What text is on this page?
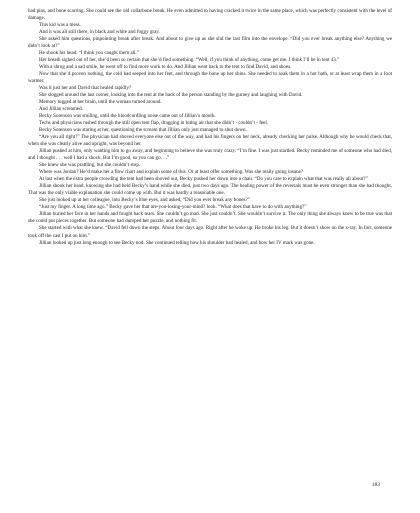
had pins, and bone scarring. She could see the old collarbone break. He even admitted to having cracked it twice in the same place, which was perfectly consistent with the level of damage.

This kid was a mess.

And it was all still there, in black and white and foggy gray.

She asked him questions, pinpointing break after break. And about to give up as she slid the last film into the envelope. “Did you ever break anything else? Anything we didn’t look at?”

He shook his head. “I think you caught them all.”

Her breath sighed out of her, she’d been so certain that she’d find something. “Well, if you think of anything, come get me. I think I’ll be in tent 43.”

With a shrug and a sad smile, he went off to find more work to do. And Jillian went back to the tent to find David, and shoes.

Now that she’d proven nothing, the cold had seeped into her feet, and through the bone up her shins. She needed to soak them in a hot bath, or at least wrap them in a foot warmer.

Was it just her and David that healed rapidly?

She slogged around the last corner, looking into the tent at the back of the person standing by the gurney and laughing with David.

Memory tugged at her brain, until the woman turned around.

And Jillian screamed.

Becky Sorenson was smiling, until the bloodcurdling noise came out of Jillian’s mouth.

Techs and physicians rushed through the still open tent flap, dragging in biting air that she didn’t - couldn’t - feel.

Becky Sorenson was staring at her, questioning the scream that Jillian only just managed to shut down.

“Are you all right?” The physician had shoved everyone else out of the way, and had his fingers on her neck, already checking her pulse. Although why he would check that, when she was clearly alive and upright, was beyond her.

Jillian pushed at him, only wanting him to go away, and beginning to believe she was truly crazy. “I’m fine. I was just startled. Becky reminded me of someone who had died, and I thought . . . well I had a shock. But I’m good, so you can go. . .”

She knew she was prattling, but she couldn’t stop.

Where was Jordan? He’d make her a flow chart and explain some of this. Or at least offer something. Was she really going insane?

At last when the extra people crowding the tent had been shoved out, Becky pushed her down into a chair. “Do you care to explain what that was really all about?”

Jillian shook her head, knowing she had held Becky’s hand while she died, just two days ago. The healing power of the reversals must be even stronger than she had thought. That was the only viable explanation she could come up with. But it was hardly a reasonable one.

She just looked up at her colleague, into Becky’s blue eyes, and asked, “Did you ever break any bones?”

“Just my finger. A long time ago.” Becky gave her that are-you-losing-your-mind? look. “What does that have to do with anything?”

Jillian buried her face in her hands and fought back tears. She couldn’t go mad. She just couldn’t. She wouldn’t survive it. The only thing she always knew to be true was that she could put pieces together. But someone had dumped her puzzle, and nothing fit.

She started with what she knew. “David fell down the steps. About four days ago. Right after he woke up. He broke his leg. But it doesn’t show on the x-ray. In fact, someone took off the cast I put on him.”

Jillian looked up just long enough to see Becky nod. She continued telling how his shoulder had healed, and how her IV mark was gone.

183
